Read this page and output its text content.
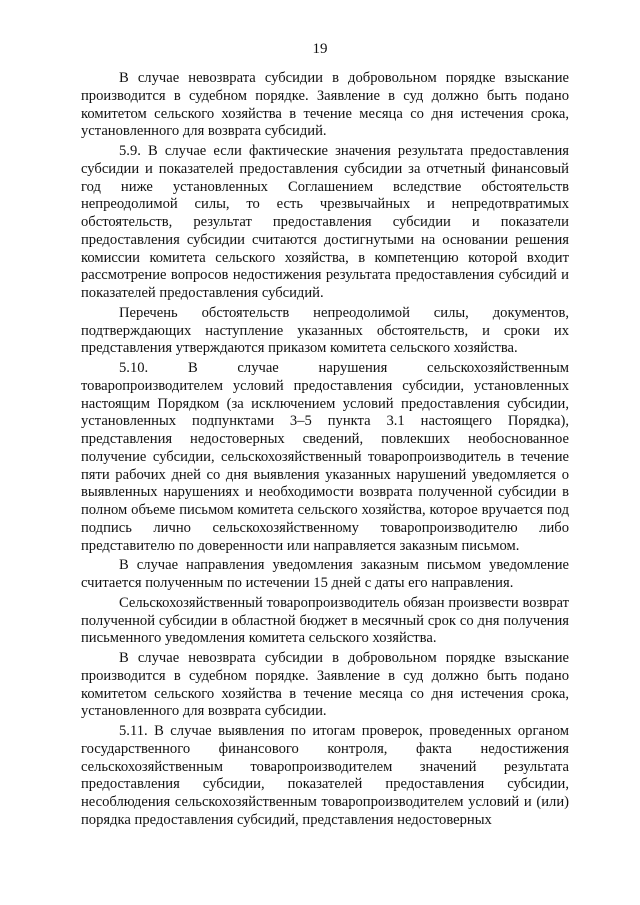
19

В случае невозврата субсидии в добровольном порядке взыскание производится в судебном порядке. Заявление в суд должно быть подано комитетом сельского хозяйства в течение месяца со дня истечения срока, установленного для возврата субсидий.

5.9. В случае если фактические значения результата предоставления субсидии и показателей предоставления субсидии за отчетный финансовый год ниже установленных Соглашением вследствие обстоятельств непреодолимой силы, то есть чрезвычайных и непредотвратимых обстоятельств, результат предоставления субсидии и показатели предоставления субсидии считаются достигнутыми на основании решения комиссии комитета сельского хозяйства, в компетенцию которой входит рассмотрение вопросов недостижения результата предоставления субсидий и показателей предоставления субсидий.

Перечень обстоятельств непреодолимой силы, документов, подтверждающих наступление указанных обстоятельств, и сроки их представления утверждаются приказом комитета сельского хозяйства.

5.10. В случае нарушения сельскохозяйственным товаропроизводителем условий предоставления субсидии, установленных настоящим Порядком (за исключением условий предоставления субсидии, установленных подпунктами 3–5 пункта 3.1 настоящего Порядка), представления недостоверных сведений, повлекших необоснованное получение субсидии, сельскохозяйственный товаропроизводитель в течение пяти рабочих дней со дня выявления указанных нарушений уведомляется о выявленных нарушениях и необходимости возврата полученной субсидии в полном объеме письмом комитета сельского хозяйства, которое вручается под подпись лично сельскохозяйственному товаропроизводителю либо представителю по доверенности или направляется заказным письмом.

В случае направления уведомления заказным письмом уведомление считается полученным по истечении 15 дней с даты его направления.

Сельскохозяйственный товаропроизводитель обязан произвести возврат полученной субсидии в областной бюджет в месячный срок со дня получения письменного уведомления комитета сельского хозяйства.

В случае невозврата субсидии в добровольном порядке взыскание производится в судебном порядке. Заявление в суд должно быть подано комитетом сельского хозяйства в течение месяца со дня истечения срока, установленного для возврата субсидии.

5.11. В случае выявления по итогам проверок, проведенных органом государственного финансового контроля, факта недостижения сельскохозяйственным товаропроизводителем значений результата предоставления субсидии, показателей предоставления субсидии, несоблюдения сельскохозяйственным товаропроизводителем условий и (или) порядка предоставления субсидий, представления недостоверных
